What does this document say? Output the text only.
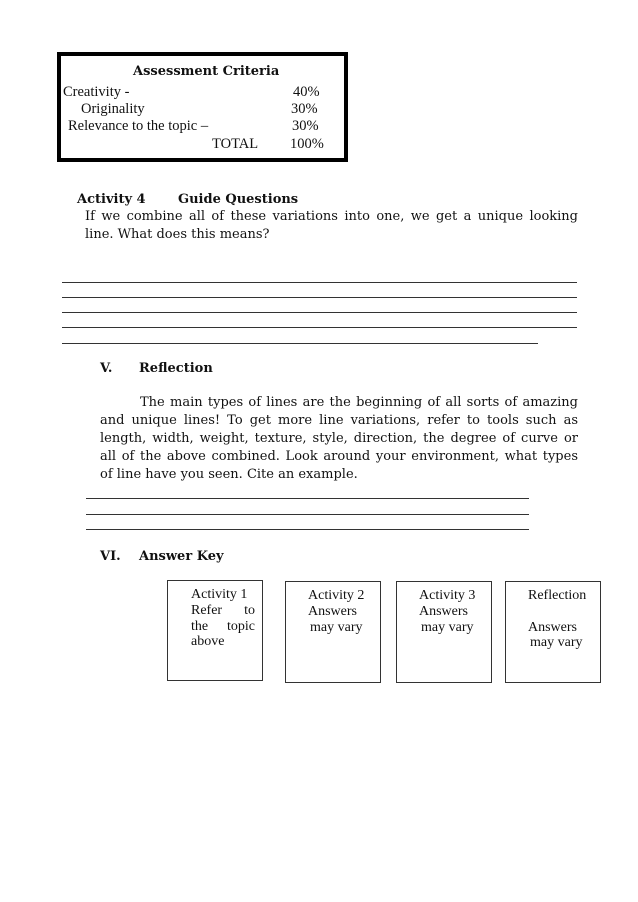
Assessment Criteria
Creativity -	40%
Originality	30%
Relevance to the topic –	30%
TOTAL 100%
Activity 4 Guide Questions
If we combine all of these variations into one, we get a unique looking line. What does this means?
V. Reflection
The main types of lines are the beginning of all sorts of amazing and unique lines! To get more line variations, refer to tools such as length, width, weight, texture, style, direction, the degree of curve or all of the above combined. Look around your environment, what types of line have you seen. Cite an example.
VI. Answer Key
Activity 1
Refer to
the topic
above
Activity 2
Answers
may vary
Activity 3
Answers
may vary
Reflection
Answers
may vary
